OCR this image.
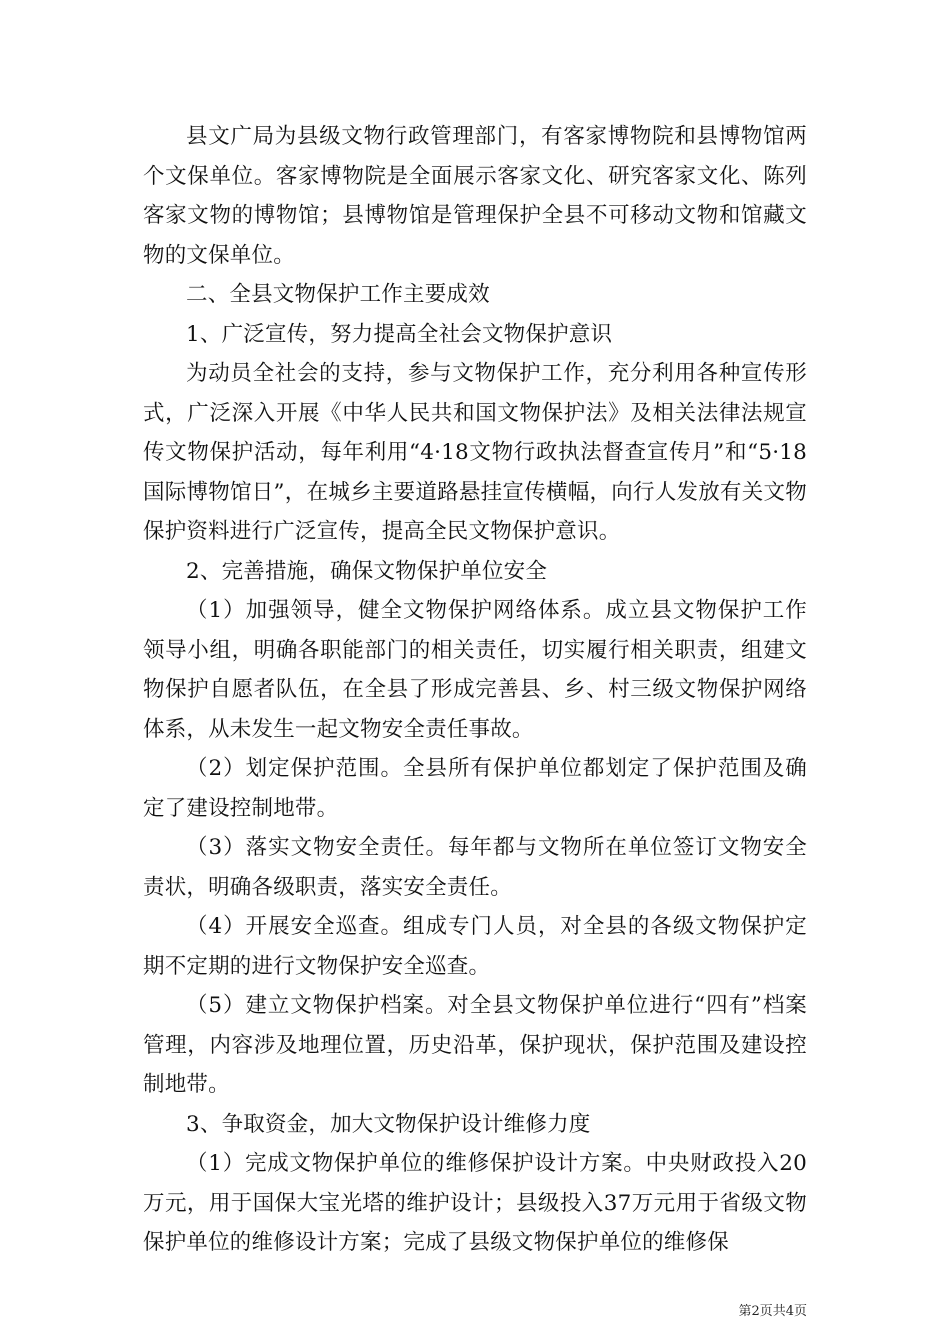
县文广局为县级文物行政管理部门，有客家博物院和县博物馆两个文保单位。客家博物院是全面展示客家文化、研究客家文化、陈列客家文物的博物馆；县博物馆是管理保护全县不可移动文物和馆藏文物的文保单位。

二、全县文物保护工作主要成效

1、广泛宣传，努力提高全社会文物保护意识

为动员全社会的支持，参与文物保护工作，充分利用各种宣传形式，广泛深入开展《中华人民共和国文物保护法》及相关法律法规宣传文物保护活动，每年利用“4·18文物行政执法督查宣传月”和“5·18国际博物馆日”，在城乡主要道路悬挂宣传横幅，向行人发放有关文物保护资料进行广泛宣传，提高全民文物保护意识。

2、完善措施，确保文物保护单位安全

（1）加强领导，健全文物保护网络体系。成立县文物保护工作领导小组，明确各职能部门的相关责任，切实履行相关职责，组建文物保护自愿者队伍，在全县了形成完善县、乡、村三级文物保护网络体系，从未发生一起文物安全责任事故。

（2）划定保护范围。全县所有保护单位都划定了保护范围及确定了建设控制地带。

（3）落实文物安全责任。每年都与文物所在单位签订文物安全责状，明确各级职责，落实安全责任。

（4）开展安全巡查。组成专门人员，对全县的各级文物保护定期不定期的进行文物保护安全巡查。

（5）建立文物保护档案。对全县文物保护单位进行“四有”档案管理，内容涉及地理位置，历史沿革，保护现状，保护范围及建设控制地带。

3、争取资金，加大文物保护设计维修力度

（1）完成文物保护单位的维修保护设计方案。中央财政投入20万元，用于国保大宝光塔的维护设计；县级投入37万元用于省级文物保护单位的维修设计方案；完成了县级文物保护单位的维修保

第2页共4页
